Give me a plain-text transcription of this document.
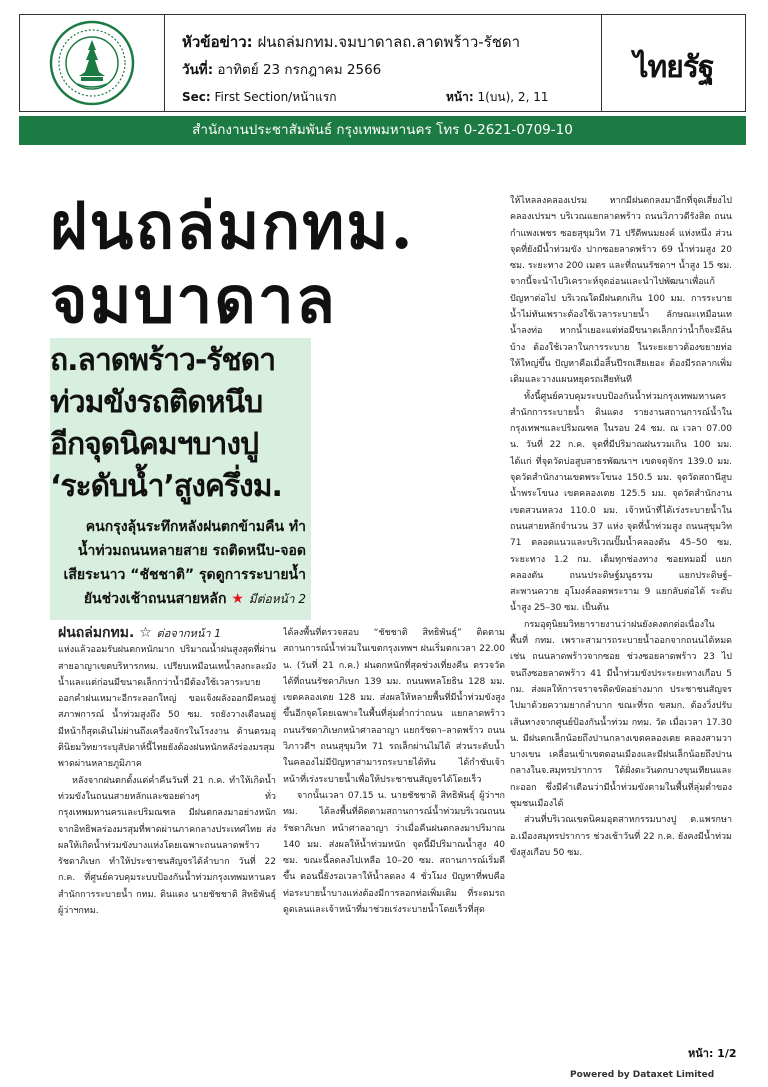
หัวข้อข่าว: ฝนถล่มกทม.จมบาดาลถ.ลาดพร้าว-รัชดา
วันที่: อาทิตย์ 23 กรกฎาคม 2566
Sec: First Section/หน้าแรก	หน้า: 1(บน), 2, 11
ไทยรัฐ
สำนักงานประชาสัมพันธ์ กรุงเทพมหานคร โทร 0-2621-0709-10
ฝนถล่มกทม.
จมบาดาล
ถ.ลาดพร้าว-รัชดา
ท่วมขังรถติดหนึบ
อีกจุดนิคมฯบางปู
‘ระดับน้ำ’สูงครึ่งม.
คนกรุงลุ้นระทึกหลังฝนตกข้ามคืน ทำ
น้ำท่วมถนนหลายสาย รถติดหนึบ-จอด
เสียระนาว “ชัชชาติ” รุดดูการระบายน้ำ
ยันช่วงเช้าถนนสายหลัก ★ มีต่อหน้า 2

ฝนถล่มกทม. ☆ ต่อจากหน้า 1

แห่งแล้วออมรับฝนตกหนักมาก ปริมาณน้ำฝนสูงสุดที่ผ่านสายอาญาเขตบริหารกทม. เปรียบเหมือนเทน้ำลงกะละมังน้ำและแต่ก่อนมีขนาดเล็กกว่าน้ำมีต้องใช้เวลาระบายออกคำฝนเหมาะอีกระลอกใหญ่ ขอแจ้งผลังออกมีคนอยู่สภาพการณ์ น้ำท่วมสูงถึง 50 ซม. รถยังวางเดือนอยู่มีหน้าก็สุดเดินไม่ผ่านถึงเครื่องจักรในโรงงาน ด้านตรมอุตินิยมวิทยาระบุสัปดาห์นี้ไทยยังต้องฝนหนักหลังร่องมรสุมพาดผ่านหลายภูมิภาค

หลังจากฝนตกตั้งแต่ค่ำคืนวันที่ 21 ก.ค. ทำให้เกิดน้ำท่วมขังในถนนสายหลักและซอยต่างๆ ทั่วกรุงเทพมหานครและปริมณฑล มีฝนตกลงมาอย่างหนักจากอิทธิพลร่องมรสุมที่พาดผ่านภาคกลางประเทศไทย ส่งผลให้เกิดน้ำท่วมขังบางแห่งโดยเฉพาะถนนลาดพร้าวรัชดาภิเษก ทำให้ประชาชนสัญจรได้ลำบาก วันที่ 22 ก.ค. ที่ศูนย์ควบคุมระบบป้องกันน้ำท่วมกรุงเทพมหานคร สำนักการระบายน้ำ กทม. ดินแดง นายชัชชาติ สิทธิพันธุ์ ผู้ว่าฯกทม.

ได้ลงพื้นที่ตรวจสอบ “ชัชชาติ สิทธิพันธุ์” ติดตามสถานการณ์น้ำท่วมในเขตกรุงเทพฯ ฝนเริ่มตกเวลา 22.00 น. (วันที่ 21 ก.ค.) ฝนตกหนักที่สุดช่วงเที่ยงคืน ตรวจวัดได้ที่ถนนรัชดาภิเษก 139 มม. ถนนพหลโยธิน 128 มม. เขตคลองเตย 128 มม. ส่งผลให้หลายพื้นที่มีน้ำท่วมขังสูงขึ้นอีกจุดโดยเฉพาะในพื้นที่ลุ่มต่ำกว่าถนน แยกลาดพร้าว ถนนรัชดาภิเษกหน้าศาลอาญา แยกรัชดา–ลาดพร้าว ถนนวิภาวดีฯ ถนนสุขุมวิท 71 รถเล็กผ่านไม่ได้ ส่วนระดับน้ำในคลองไม่มีปัญหาสามารถระบายได้ทัน ได้กำชับเจ้าหน้าที่เร่งระบายน้ำเพื่อให้ประชาชนสัญจรได้โดยเร็ว

จากนั้นเวลา 07.15 น. นายชัชชาติ สิทธิพันธุ์ ผู้ว่าฯกทม. ได้ลงพื้นที่ติดตามสถานการณ์น้ำท่วมบริเวณถนนรัชดาภิเษก หน้าศาลอาญา ว่าเมื่อคืนฝนตกลงมาปริมาณ 140 มม. ส่งผลให้น้ำท่วมหนัก จุดนี้มีปริมาณน้ำสูง 40 ซม. ขณะนี้ลดลงไปเหลือ 10–20 ซม. สถานการณ์เริ่มดีขึ้น ตอนนี้ยังรอเวลาให้น้ำลดลง 4 ชั่วโมง ปัญหาที่พบคือท่อระบายน้ำบางแห่งต้องมีการลอกท่อเพิ่มเติม ที่ระดมรถดูดเลนและเจ้าหน้าที่มาช่วยเร่งระบายน้ำโดยเร็วที่สุด

ให้ไหลลงคลองเปรม หากมีฝนตกลงมาอีกที่จุดเสี่ยงไปคลองเปรมฯ บริเวณแยกลาดพร้าว ถนนวิภาวดีรังสิต ถนนกำแพงเพชร ซอยสุขุมวิท 71 ปรีดีพนมยงค์ แห่งหนึ่ง ส่วนจุดที่ยังมีน้ำท่วมขัง ปากซอยลาดพร้าว 69 น้ำท่วมสูง 20 ซม. ระยะทาง 200 เมตร และที่ถนนรัชดาฯ น้ำสูง 15 ซม. จากนี้จะนำไปวิเคราะห์จุดอ่อนและนำไปพัฒนาเพื่อแก้ปัญหาต่อไป บริเวณใดมีฝนตกเกิน 100 มม. การระบายน้ำไม่ทันเพราะต้องใช้เวลาระบายน้ำ ลักษณะเหมือนเทน้ำลงท่อ หากน้ำเยอะแต่ท่อมีขนาดเล็กกว่าน้ำก็จะมีล้นบ้าง ต้องใช้เวลาในการระบาย ในระยะยาวต้องขยายท่อให้ใหญ่ขึ้น ปัญหาคือเมื่อสิ้นปีรถเสียเยอะ ต้องมีรถลากเพิ่มเติมและวางแผนหยุดรถเสียทันที

ทั้งนี้ศูนย์ควบคุมระบบป้องกันน้ำท่วมกรุงเทพมหานคร สำนักการระบายน้ำ ดินแดง รายงานสถานการณ์น้ำในกรุงเทพฯและปริมณฑล ในรอบ 24 ชม. ณ เวลา 07.00 น. วันที่ 22 ก.ค. จุดที่มีปริมาณฝนรวมเกิน 100 มม. ได้แก่ ที่จุดวัดบ่อสูบสาธรพัฒนาฯ เขตจตุจักร 139.0 มม. จุดวัดสำนักงานเขตพระโขนง 150.5 มม. จุดวัดสถานีสูบน้ำพระโขนง เขตคลองเตย 125.5 มม. จุดวัดสำนักงานเขตสวนหลวง 110.0 มม. เจ้าหน้าที่ได้เร่งระบายน้ำในถนนสายหลักจำนวน 37 แห่ง จุดที่น้ำท่วมสูง ถนนสุขุมวิท 71 ตลอดแนวและบริเวณปั๊มน้ำคลองตัน 45–50 ซม. ระยะทาง 1.2 กม. เต็มทุกช่องทาง ซอยหมอมี่ แยกคลองตัน ถนนประดิษฐ์มนูธรรม แยกประดิษฐ์–สะพานควาย อุโมงค์ลอดพระราม 9 แยกลับต่อได้ ระดับน้ำสูง 25–30 ซม. เป็นต้น

กรมอุตุนิยมวิทยารายงานว่าฝนยังคงตกต่อเนื่องในพื้นที่ กทม. เพราะสามารถระบายน้ำออกจากถนนได้หมด เช่น ถนนลาดพร้าวจากซอย ช่วงซอยลาดพร้าว 23 ไปจนถึงซอยลาดพร้าว 41 มีน้ำท่วมขังประระยะทางเกือบ 5 กม. ส่งผลให้การจราจรติดขัดอย่างมาก ประชาชนสัญจรไปมาด้วยความยากลำบาก ขณะที่รถ ขสมก. ต้องวิ่งปรับเส้นทางจากศูนย์ป้องกันน้ำท่วม กทม. วัด เมื่อเวลา 17.30 น. มีฝนตกเล็กน้อยถึงปานกลางเขตคลองเตย คลองสามวา บางเขน เคลื่อนเข้าเขตดอนเมืองและมีฝนเล็กน้อยถึงปานกลางในจ.สมุทรปราการ ใต้ฝั่งตะวันตกบางขุนเทียนและกะออก ซึ่งมีคำเตือนว่ามีน้ำท่วมขังตามในพื้นที่ลุ่มต่ำของชุมชนเมืองได้

ส่วนที่บริเวณเขตนิคมอุตสาหกรรมบางปู ต.แพรกษา อ.เมืองสมุทรปราการ ช่วงเช้าวันที่ 22 ก.ค. ยังคงมีน้ำท่วมขังสูงเกือบ 50 ซม.

หน้า: 1/2
Powered by Dataxet Limited
